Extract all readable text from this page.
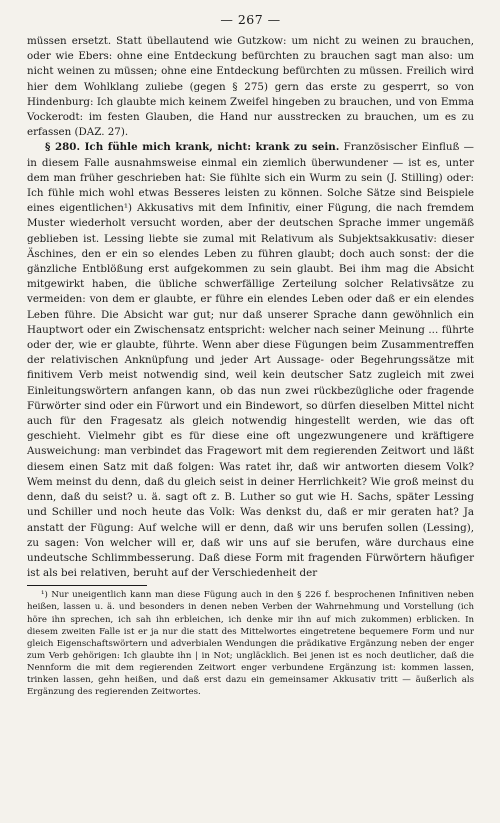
— 267 —

müssen ersetzt. Statt übellautend wie Gutzkow: um nicht zu weinen zu brauchen, oder wie Ebers: ohne eine Entdeckung befürchten zu brauchen sagt man also: um nicht weinen zu müssen; ohne eine Entdeckung befürchten zu müssen. Freilich wird hier dem Wohlklang zuliebe (gegen § 275) gern das erste zu gesperrt, so von Hindenburg: Ich glaubte mich keinem Zweifel hingeben zu brauchen, und von Emma Vockerodt: im festen Glauben, die Hand nur ausstrecken zu brauchen, um es zu erfassen (DAZ. 27).

§ 280. Ich fühle mich krank, nicht: krank zu sein. Französischer Einfluß — in diesem Falle ausnahmsweise einmal ein ziemlich überwundener — ist es, unter dem man früher geschrieben hat: Sie fühlte sich ein Wurm zu sein (J. Stilling) oder: Ich fühle mich wohl etwas Besseres leisten zu können. Solche Sätze sind Beispiele eines eigentlichen¹) Akkusativs mit dem Infinitiv, einer Fügung, die nach fremdem Muster wiederholt versucht worden, aber der deutschen Sprache immer ungemäß geblieben ist. Lessing liebte sie zumal mit Relativum als Subjektsakkusativ: dieser Äschines, den er ein so elendes Leben zu führen glaubt; doch auch sonst: der die gänzliche Entblößung erst aufgekommen zu sein glaubt. Bei ihm mag die Absicht mitgewirkt haben, die übliche schwerfällige Zerteilung solcher Relativsätze zu vermeiden: von dem er glaubte, er führe ein elendes Leben oder daß er ein elendes Leben führe. Die Absicht war gut; nur daß unserer Sprache dann gewöhnlich ein Hauptwort oder ein Zwischensatz entspricht: welcher nach seiner Meinung ... führte oder der, wie er glaubte, führte. Wenn aber diese Fügungen beim Zusammentreffen der relativischen Anknüpfung und jeder Art Aussage- oder Begehrungssätze mit finitivem Verb meist notwendig sind, weil kein deutscher Satz zugleich mit zwei Einleitungswörtern anfangen kann, ob das nun zwei rückbezügliche oder fragende Fürwörter sind oder ein Fürwort und ein Bindewort, so dürfen dieselben Mittel nicht auch für den Fragesatz als gleich notwendig hingestellt werden, wie das oft geschieht. Vielmehr gibt es für diese eine oft ungezwungenere und kräftigere Ausweichung: man verbindet das Fragewort mit dem regierenden Zeitwort und läßt diesem einen Satz mit daß folgen: Was ratet ihr, daß wir antworten diesem Volk? Wem meinst du denn, daß du gleich seist in deiner Herrlichkeit? Wie groß meinst du denn, daß du seist? u. ä. sagt oft z. B. Luther so gut wie H. Sachs, später Lessing und Schiller und noch heute das Volk: Was denkst du, daß er mir geraten hat? Ja anstatt der Fügung: Auf welche will er denn, daß wir uns berufen sollen (Lessing), zu sagen: Von welcher will er, daß wir uns auf sie berufen, wäre durchaus eine undeutsche Schlimmbesserung. Daß diese Form mit fragenden Fürwörtern häufiger ist als bei relativen, beruht auf der Verschiedenheit der

¹) Nur uneigentlich kann man diese Fügung auch in den § 226 f. besprochenen Infinitiven neben heißen, lassen u. ä. und besonders in denen neben Verben der Wahrnehmung und Vorstellung (ich höre ihn sprechen, ich sah ihn erbleichen, ich denke mir ihn auf mich zukommen) erblicken. In diesem zweiten Falle ist er ja nur die statt des Mittelwortes eingetretene bequemere Form und nur gleich Eigenschaftswörtern und adverbialen Wendungen die prädikative Ergänzung neben der enger zum Verb gehörigen: Ich glaubte ihn | in Not; ungläcklich. Bei jenen ist es noch deutlicher, daß die Nennform die mit dem regierenden Zeitwort enger verbundene Ergänzung ist: kommen lassen, trinken lassen, gehn heißen, und daß erst dazu ein gemeinsamer Akkusativ tritt — äußerlich als Ergänzung des regierenden Zeitwortes.
